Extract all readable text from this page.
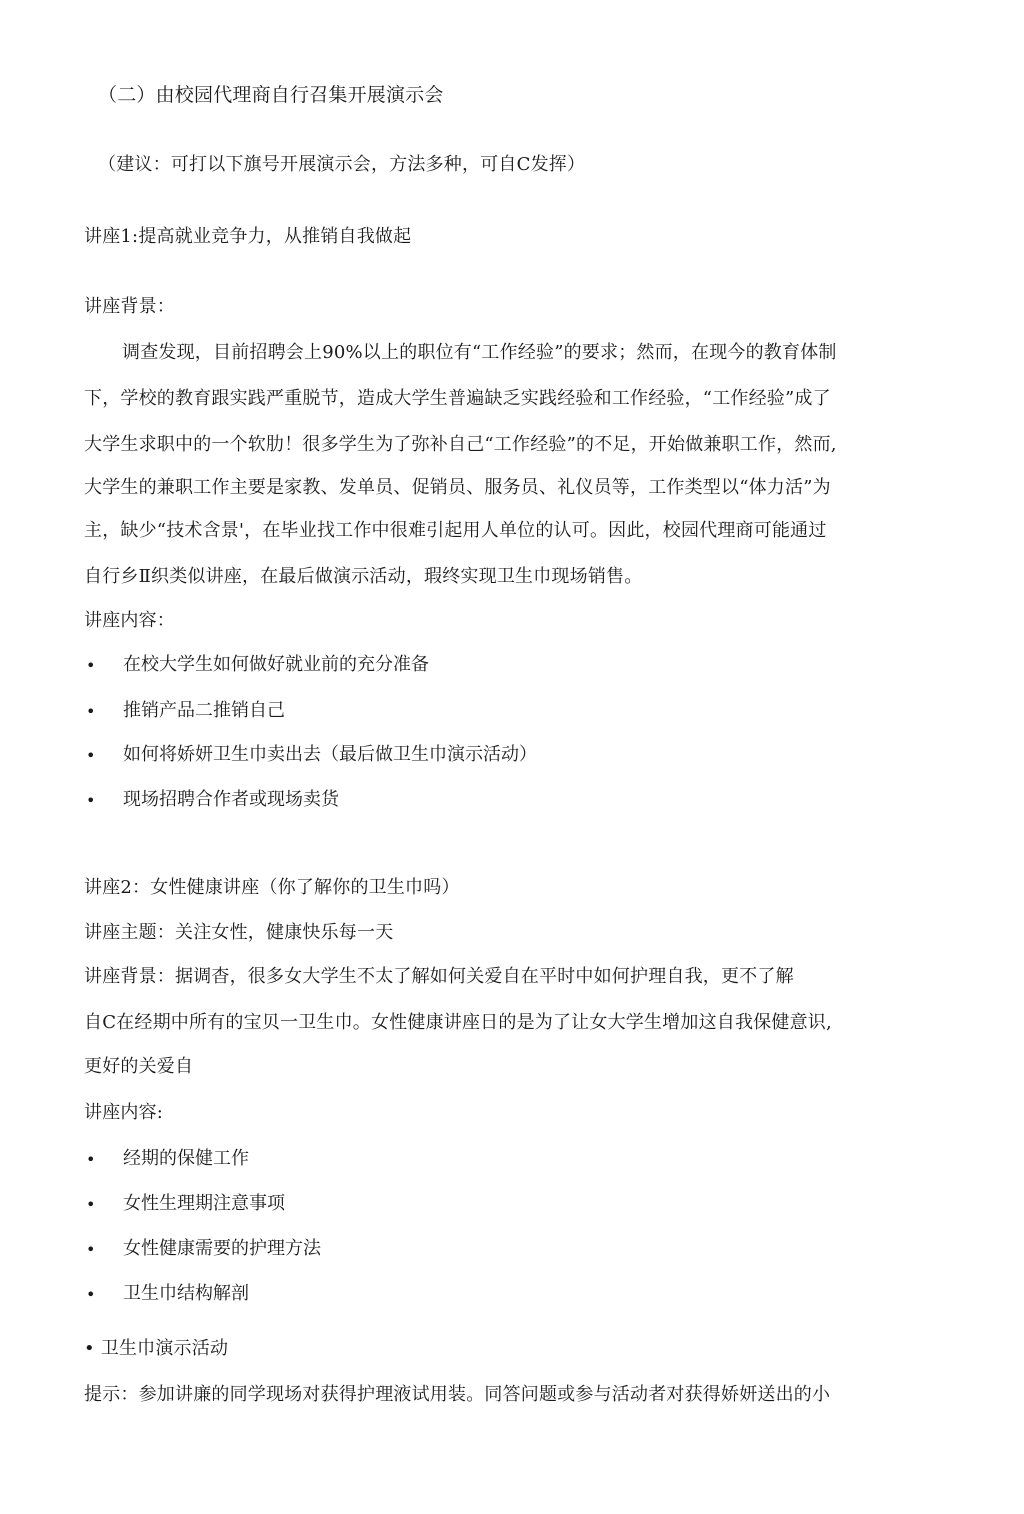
（二）由校园代理商自行召集开展演示会
（建议：可打以下旗号开展演示会，方法多种，可自C发挥）
讲座1:提高就业竞争力，从推销自我做起
讲座背景：
调查发现，目前招聘会上90%以上的职位有“工作经验”的要求；然而，在现今的教育体制
下，学校的教育跟实践严重脱节，造成大学生普遍缺乏实践经验和工作经验，“工作经验”成了
大学生求职中的一个软肋！很多学生为了弥补自己“工作经验”的不足，开始做兼职工作，然而,
大学生的兼职工作主要是家教、发单员、促销员、服务员、礼仪员等，工作类型以“体力活”为
主，缺少“技术含景'，在毕业找工作中很难引起用人单位的认可。因此，校园代理商可能通过
自行乡Ⅱ织类似讲座，在最后做演示活动，瑕终实现卫生巾现场销售。
讲座内容：
• 在校大学生如何做好就业前的充分准备
• 推销产品二推销自己
• 如何将娇妍卫生巾卖出去（最后做卫生巾演示活动）
• 现场招聘合作者或现场卖货
讲座2：女性健康讲座（你了解你的卫生巾吗）
讲座主题：关注女性，健康快乐每一天
讲座背景：据调杳，很多女大学生不太了解如何关爱自在平时中如何护理自我，更不了解
自C在经期中所有的宝贝一卫生巾。女性健康讲座日的是为了让女大学生增加这自我保健意识,
更好的关爱自
讲座内容:
• 经期的保健工作
• 女性生理期注意事项
• 女性健康需要的护理方法
• 卫生巾结构解剖
• 卫生巾演示活动
提示：参加讲廉的同学现场对获得护理液试用装。同答问题或参与活动者对获得娇妍送出的小
